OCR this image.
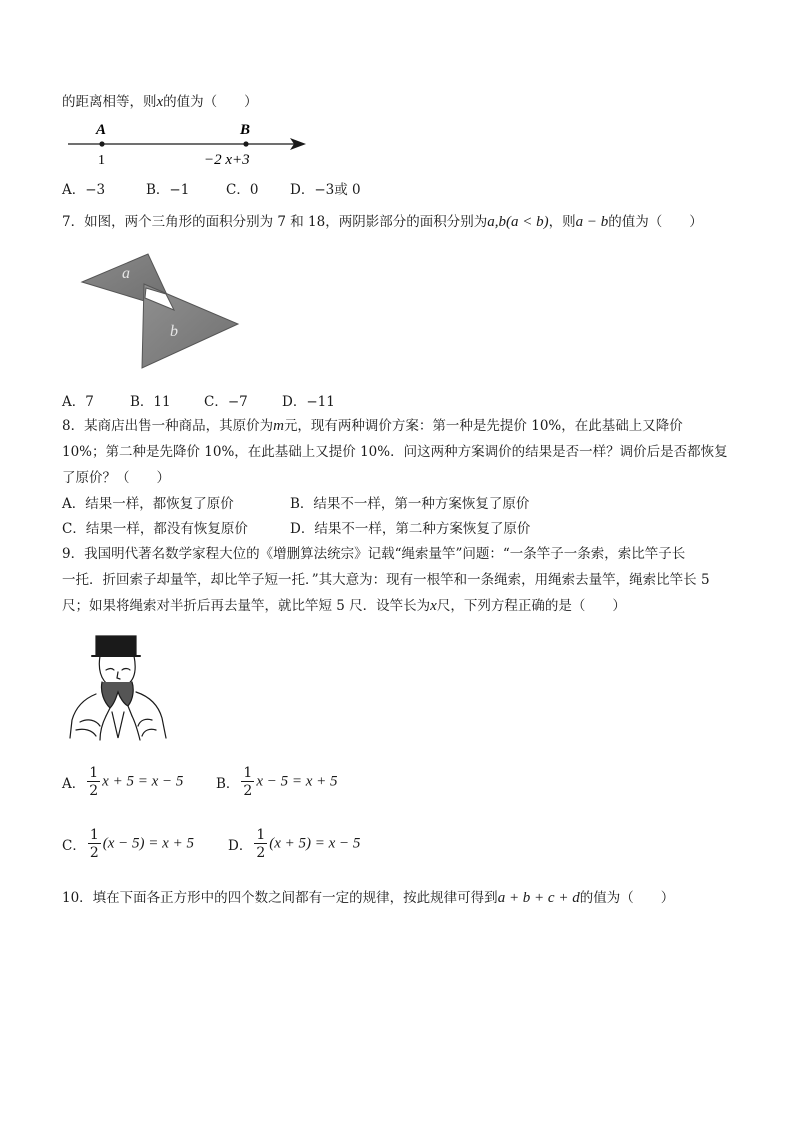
的距离相等，则x的值为（　　）
A	B
1	−2 x+3
A．−3	B．−1	C．0 D．−3或 0
7．如图，两个三角形的面积分别为 7 和 18，两阴影部分的面积分别为a,b(a < b)，则a − b的值为（　　）
a
b
A．7	B．11 C．−7	D．−11
8．某商店出售一种商品，其原价为m元，现有两种调价方案：第一种是先提价 10%，在此基础上又降价
10%；第二种是先降价 10%，在此基础上又提价 10%．问这两种方案调价的结果是否一样？调价后是否都恢复
了原价？（　　）
A．结果一样，都恢复了原价	B．结果不一样，第一种方案恢复了原价
C．结果一样，都没有恢复原价	D．结果不一样，第二种方案恢复了原价
9．我国明代著名数学家程大位的《增删算法统宗》记载“绳索量竿”问题：“一条竿子一条索，索比竿子长
一托．折回索子却量竿，却比竿子短一托．”其大意为：现有一根竿和一条绳索，用绳索去量竿，绳索比竿长 5
尺；如果将绳索对半折后再去量竿，就比竿短 5 尺．设竿长为x尺，下列方程正确的是（　　）
A． $\frac{1}{2}$ x + 5 = x − 5 B． $\frac{1}{2}$ x − 5 = x + 5
C． $\frac{1}{2} (x - 5) = x + 5$	D． $\frac{1}{2} (x + 5) = x - 5$
10．填在下面各正方形中的四个数之间都有一定的规律，按此规律可得到a + b + c + d的值为（　　）
